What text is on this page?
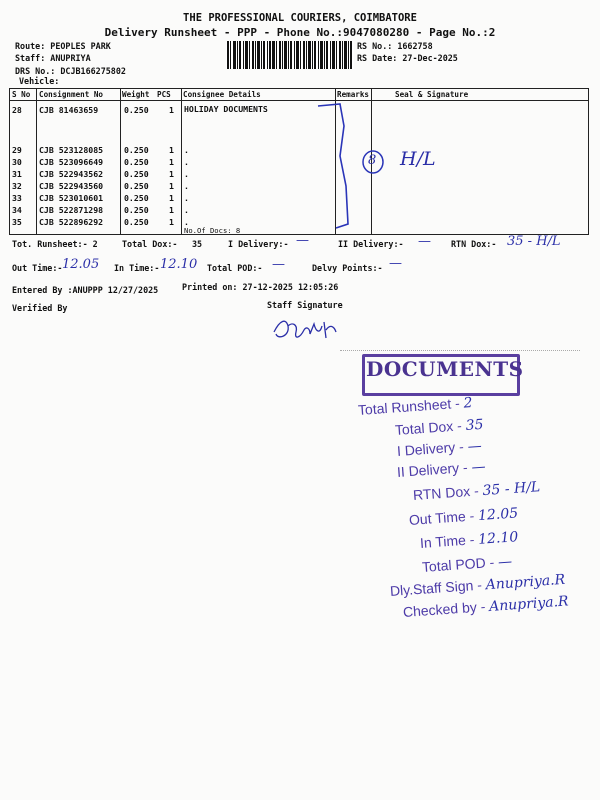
THE PROFESSIONAL COURIERS, COIMBATORE
Delivery Runsheet - PPP - Phone No.:9047080280 - Page No.:2
Route: PEOPLES PARK
Staff: ANUPRIYA
DRS No.: DCJB166275802
Vehicle:
RS No.: 1662758
RS Date: 27-Dec-2025
S No Consignment No Weight PCS Consignee Details	Remarks	Seal & Signature
28 CJB 81463659	0.250 1 HOLIDAY DOCUMENTS
29 CJB 523128085	0.250 1 .
30 CJB 523096649	0.250 1 .
31 CJB 522943562	0.250 1 .
32 CJB 522943560	0.250 1 .
33 CJB 523010601	0.250 1 .
34 CJB 522871298	0.250 1 .
35 CJB 522896292	0.250 1 .
No.Of Docs: 8
8 H/L
Tot. Runsheet:- 2	Total Dox:- 35	I Delivery:- —	II Delivery:- — RTN Dox:- 35 - H/L
Out Time:- 12.05 In Time:- 12.10 Total POD:- —	Delvy Points:- —
Entered By :ANUPPP 12/27/2025	Printed on: 27-12-2025 12:05:26
Verified By	Staff Signature
DOCUMENTS
Total Runsheet - 2
Total Dox - 35
I Delivery - —
II Delivery - —
RTN Dox - 35 - H/L
Out Time - 12.05
In Time - 12.10
Total POD - —
Dly.Staff Sign - Anupriya.R
Checked by - Anupriya.R
